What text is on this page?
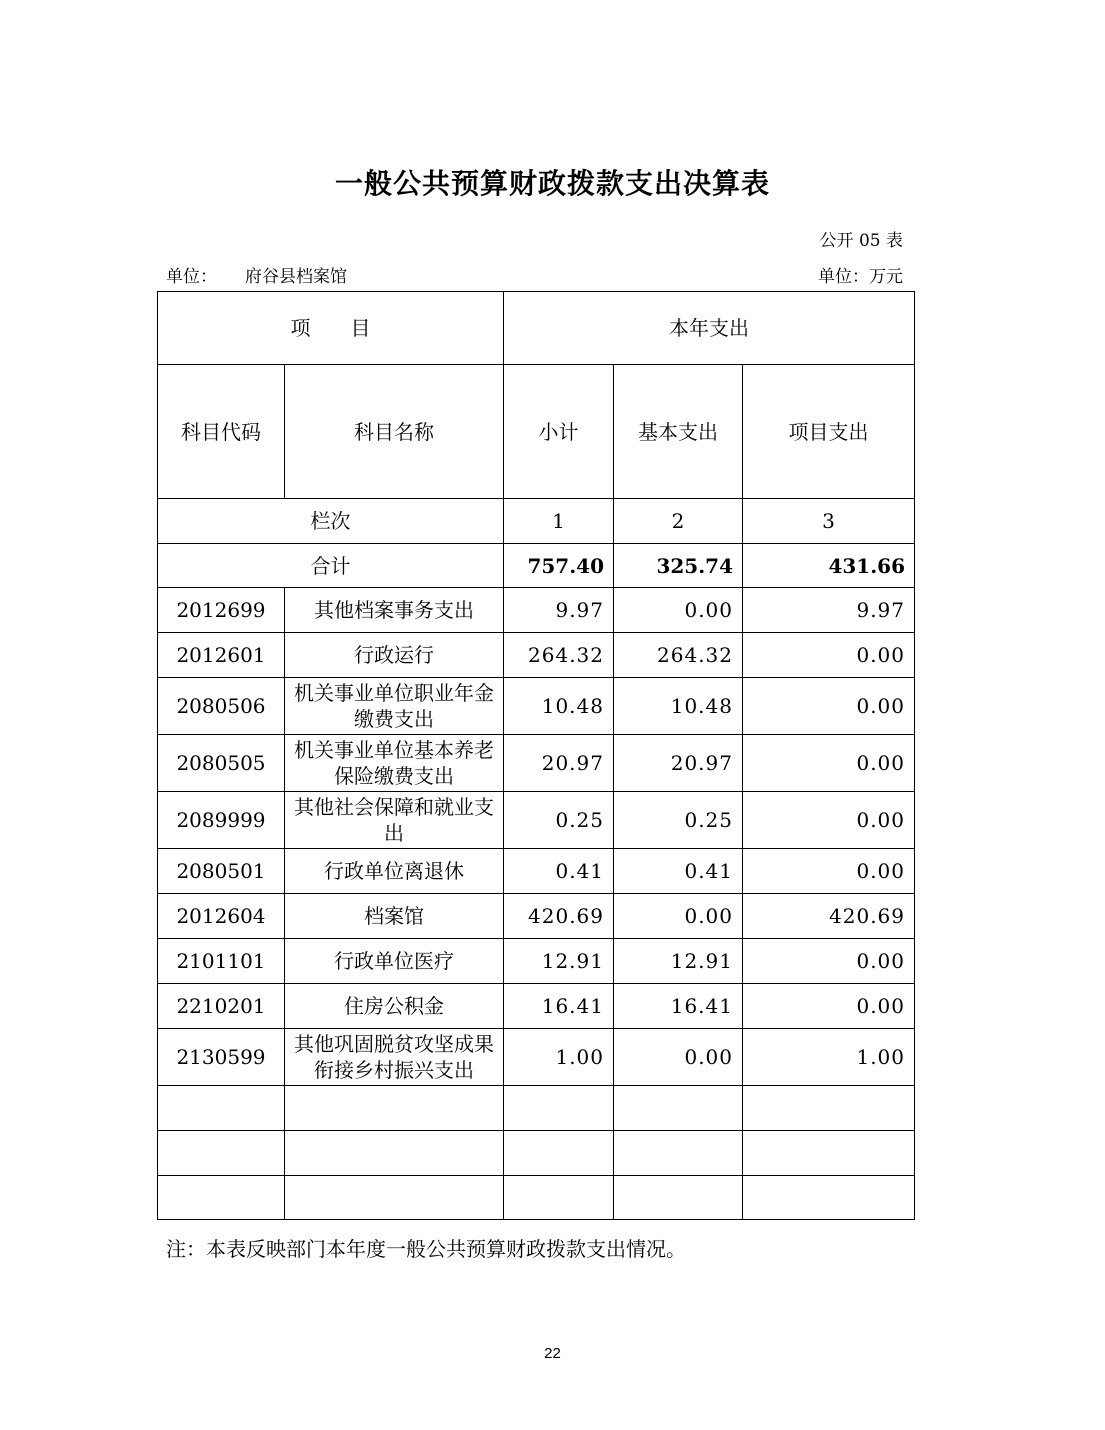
一般公共预算财政拨款支出决算表
公开 05 表
单位： 府谷县档案馆	单位：万元
项　　目		本年支出		
科目代码	科目名称	小计	基本支出	项目支出
栏次		1	2	3
合计		757.40	325.74	431.66
2012699	其他档案事务支出	9.97	0.00	9.97
2012601	行政运行	264.32	264.32	0.00
2080506	机关事业单位职业年金缴费支出	10.48	10.48	0.00
2080505	机关事业单位基本养老保险缴费支出	20.97	20.97	0.00
2089999	其他社会保障和就业支出	0.25	0.25	0.00
2080501	行政单位离退休	0.41	0.41	0.00
2012604	档案馆	420.69	0.00	420.69
2101101	行政单位医疗	12.91	12.91	0.00
2210201	住房公积金	16.41	16.41	0.00
2130599	其他巩固脱贫攻坚成果衔接乡村振兴支出	1.00	0.00	1.00

注：本表反映部门本年度一般公共预算财政拨款支出情况。
22
